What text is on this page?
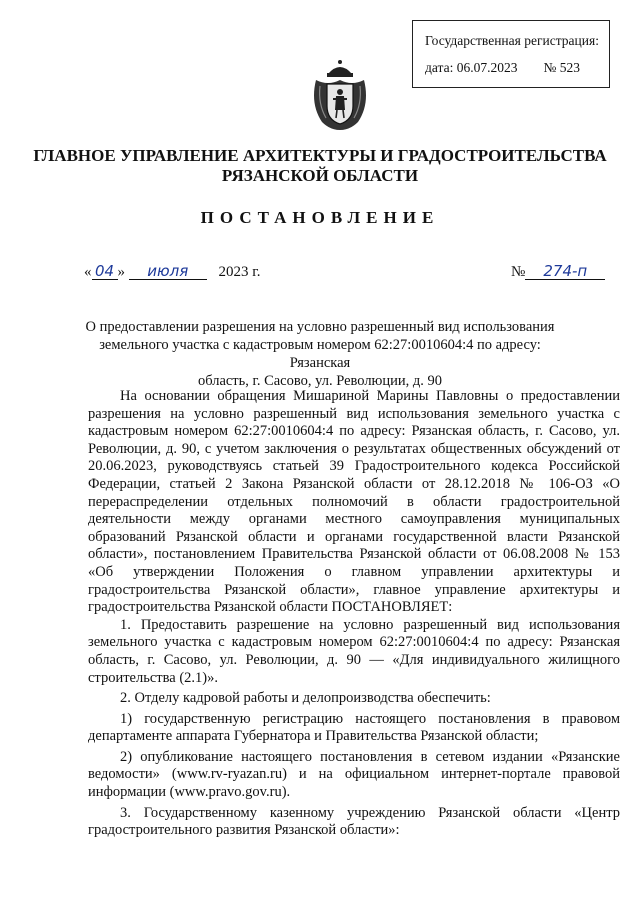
Государственная регистрация:
дата: 06.07.2023 № 523
ГЛАВНОЕ УПРАВЛЕНИЕ АРХИТЕКТУРЫ И ГРАДОСТРОИТЕЛЬСТВА
РЯЗАНСКОЙ ОБЛАСТИ
ПОСТАНОВЛЕНИЕ
« 04 » июля 2023 г.	№ 274-п
О предоставлении разрешения на условно разрешенный вид использования
земельного участка с кадастровым номером 62:27:0010604:4 по адресу: Рязанская
область, г. Сасово, ул. Революции, д. 90

На основании обращения Мишариной Марины Павловны о предоставлении разрешения на условно разрешенный вид использования земельного участка с кадастровым номером 62:27:0010604:4 по адресу: Рязанская область, г. Сасово, ул. Революции, д. 90, с учетом заключения о результатах общественных обсуждений от 20.06.2023, руководствуясь статьей 39 Градостроительного кодекса Российской Федерации, статьей 2 Закона Рязанской области от 28.12.2018 № 106-ОЗ «О перераспределении отдельных полномочий в области градостроительной деятельности между органами местного самоуправления муниципальных образований Рязанской области и органами государственной власти Рязанской области», постановлением Правительства Рязанской области от 06.08.2008 № 153 «Об утверждении Положения о главном управлении архитектуры и градостроительства Рязанской области», главное управление архитектуры и градостроительства Рязанской области ПОСТАНОВЛЯЕТ:

1. Предоставить разрешение на условно разрешенный вид использования земельного участка с кадастровым номером 62:27:0010604:4 по адресу: Рязанская область, г. Сасово, ул. Революции, д. 90 — «Для индивидуального жилищного строительства (2.1)».

2. Отделу кадровой работы и делопроизводства обеспечить:

1) государственную регистрацию настоящего постановления в правовом департаменте аппарата Губернатора и Правительства Рязанской области;

2) опубликование настоящего постановления в сетевом издании «Рязанские ведомости» (www.rv-ryazan.ru) и на официальном интернет-портале правовой информации (www.pravo.gov.ru).

3. Государственному казенному учреждению Рязанской области «Центр градостроительного развития Рязанской области»:
